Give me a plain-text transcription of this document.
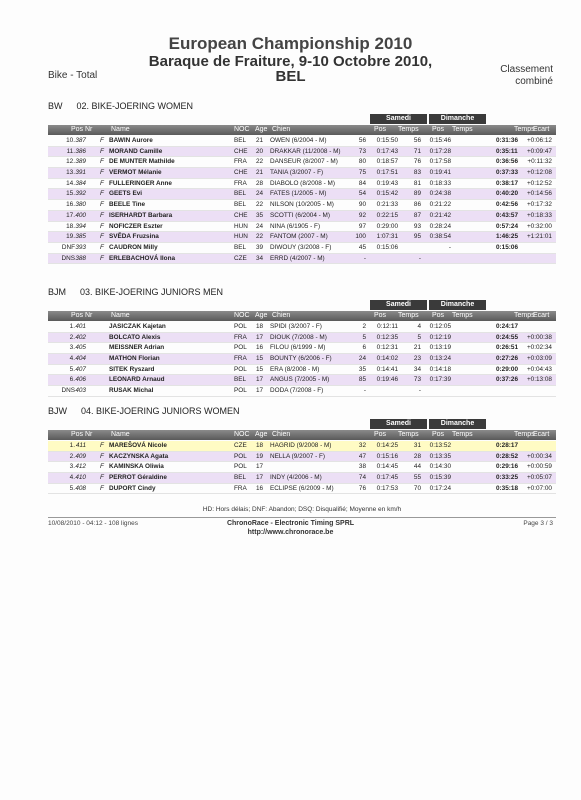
European Championship 2010
Baraque de Fraiture, 9-10 Octobre 2010,
BEL
Bike - Total
Classement
combiné
BW 02. BIKE-JOERING WOMEN
Samedi	Dimanche
Pos Nr	Name	NOC Age Chien	Pos Temps Pos Temps	Temps
Ecart
10. 387 F BAWIN Aurore	BEL 21 OWEN (6/2004 - M)	56 0:15:50 56 0:15:46	0:31:36 +0:06:12
11. 386 F MORAND Camille	CHE 20 DRAKKAR (11/2008 - M)	73 0:17:43 71 0:17:28	0:35:11 +0:09:47
12. 389 F DE MUNTER Mathilde	FRA 22 DANSEUR (8/2007 - M)	80 0:18:57 76 0:17:58	0:36:56 +0:11:32
13. 391 F VERMOT Mélanie	CHE 21 TANIA (3/2007 - F)	75 0:17:51 83 0:19:41	0:37:33 +0:12:08
14. 384 F FULLERINGER Anne	FRA 28 DIABOLO (8/2008 - M)	84 0:19:43 81 0:18:33	0:38:17 +0:12:52
15. 392 F GEETS Evi	BEL 24 FATES (1/2005 - M)	54 0:15:42 89 0:24:38	0:40:20 +0:14:56
16. 380 F BEELE Tine	BEL 22 NILSON (10/2005 - M)	90 0:21:33 86 0:21:22	0:42:56 +0:17:32
17. 400 F ISERHARDT Barbara	CHE 35 SCOTTI (6/2004 - M)	92 0:22:15 87 0:21:42	0:43:57 +0:18:33
18. 394 F NOFICZER Eszter	HUN 24 NINA (6/1905 - F)	97 0:29:00 93 0:28:24	0:57:24 +0:32:00
19. 385 F SVĚDA Fruzsina	HUN 22 FANTOM (2007 - M)	100 1:07:31 95 0:38:54	1:46:25 +1:21:01
DNF 393 F CAUDRON Milly	BEL 39 DIWOUY (3/2008 - F)	45 0:15:06	-	0:15:06
DNS 388 F ERLEBACHOVÁ Ilona	CZE 34 ERRD (4/2007 - M)	-	-
BJM 03. BIKE-JOERING JUNIORS MEN
Samedi	Dimanche
Pos Nr	Name	NOC Age Chien	Pos Temps Pos Temps	Temps
Ecart
1. 401	JASICZAK Kajetan	POL 18 SPIDI (3/2007 - F)	2 0:12:11	4 0:12:05	0:24:17
2. 402	BOLCATO Alexis	FRA 17 DIOUK (7/2008 - M)	5 0:12:35	5 0:12:19	0:24:55 +0:00:38
3. 405	MEISSNER Adrian	POL 16 FILOU (6/1999 - M)	6 0:12:31 21 0:13:19	0:26:51 +0:02:34
4. 404	MATHON Florian	FRA 15 BOUNTY (6/2006 - F)	24 0:14:02 23 0:13:24	0:27:26 +0:03:09
5. 407	SITEK Ryszard	POL 15 ERA (8/2008 - M)	35 0:14:41 34 0:14:18	0:29:00 +0:04:43
6. 406	LEONARD Arnaud	BEL 17 ANGUS (7/2005 - M)	85 0:19:46 73 0:17:39	0:37:26 +0:13:08
DNS 403	RUSAK Michal	POL 17 DODA (7/2008 - F)	-	-
BJW 04. BIKE-JOERING JUNIORS WOMEN
Samedi	Dimanche
Pos Nr	Name	NOC Age Chien	Pos Temps Pos Temps	Temps
Ecart
1. 411 F MAREŠOVÁ Nicole	CZE 18 HAGRID (9/2008 - M)	32 0:14:25 31 0:13:52	0:28:17
2. 409 F KACZYNSKA Agata	POL 19 NELLA (9/2007 - F)	47 0:15:16 28 0:13:35	0:28:52 +0:00:34
3. 412 F KAMINSKA Oliwia	POL 17	38 0:14:45 44 0:14:30	0:29:16 +0:00:59
4. 410 F PERROT Géraldine	BEL 17 INDY (4/2006 - M)	74 0:17:45 55 0:15:39	0:33:25 +0:05:07
5. 408 F DUPORT Cindy	FRA 16 ECLIPSE (6/2009 - M)	76 0:17:53 70 0:17:24	0:35:18 +0:07:00
HD: Hors délais; DNF: Abandon; DSQ: Disqualifié; Moyenne en km/h
10/08/2010 - 04:12 - 108 lignes	ChronoRace - Electronic Timing SPRL
http://www.chronorace.be
Page 3 / 3
